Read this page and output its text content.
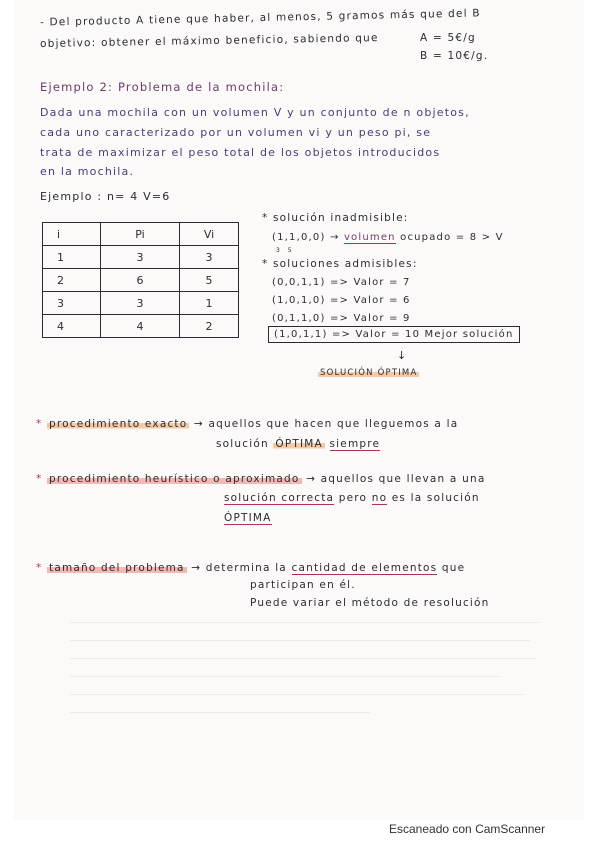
- Del producto A tiene que haber, al menos, 5 gramos más que del B
objetivo: obtener el máximo beneficio, sabiendo que	A = 5€/g
B = 10€/g.
Ejemplo 2: Problema de la mochila:
Dada una mochila con un volumen V y un conjunto de n objetos,
cada uno caracterizado por un volumen vi y un peso pi, se
trata de maximizar el peso total de los objetos introducidos
en la mochila.
Ejemplo : n= 4 V=6
i	Pi	Vi
1	3	3
2	6	5
3	3	1
4	4	2
* solución inadmisible:
(1,1,0,0) → volumen ocupado = 8 > V
3 5
* soluciones admisibles:
(0,0,1,1) => Valor = 7
(1,0,1,0) => Valor = 6
(0,1,1,0) => Valor = 9
(1,0,1,1) => Valor = 10 Mejor solución
↓
SOLUCIÓN ÓPTIMA
* procedimiento exacto → aquellos que hacen que lleguemos a la
solución ÓPTIMA siempre
* procedimiento heurístico o aproximado → aquellos que llevan a una
solución correcta pero no es la solución
ÓPTIMA
* tamaño del problema → determina la cantidad de elementos que
participan en él.
Puede variar el método de resolución
Escaneado con CamScanner
